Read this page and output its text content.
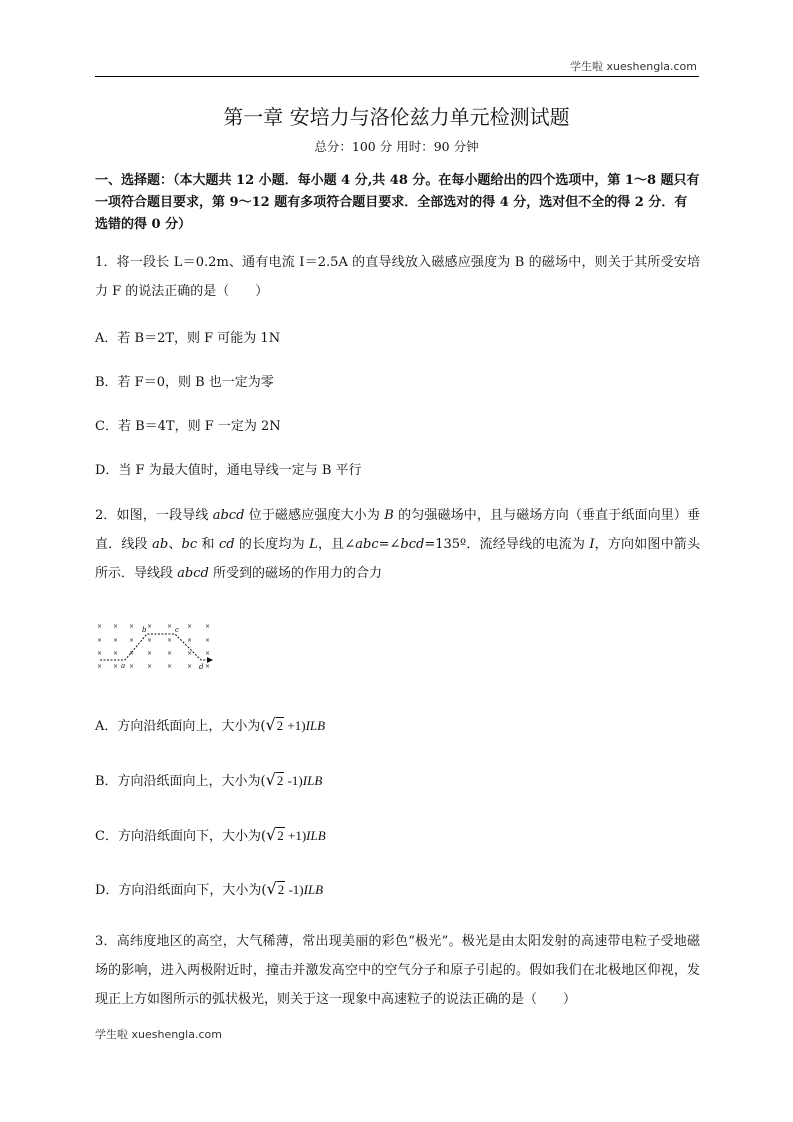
学生啦 xueshengla.com
第一章 安培力与洛伦兹力单元检测试题
总分：100 分 用时：90 分钟
一、选择题：（本大题共 12 小题．每小题 4 分,共 48 分。在每小题给出的四个选项中，第 1～8 题只有一项符合题目要求，第 9～12 题有多项符合题目要求．全部选对的得 4 分，选对但不全的得 2 分．有选错的得 0 分）
1．将一段长 L＝0.2m、通有电流 I＝2.5A 的直导线放入磁感应强度为 B 的磁场中，则关于其所受安培力 F 的说法正确的是（　　）
A．若 B＝2T，则 F 可能为 1N
B．若 F＝0，则 B 也一定为零
C．若 B＝4T，则 F 一定为 2N
D．当 F 为最大值时，通电导线一定与 B 平行
2．如图，一段导线 abcd 位于磁感应强度大小为 B 的匀强磁场中，且与磁场方向（垂直于纸面向里）垂直．线段 ab、bc 和 cd 的长度均为 L，且∠abc=∠bcd=135º．流经导线的电流为 I，方向如图中箭头所示．导线段 abcd 所受到的磁场的作用力的合力
× × × × × × ×
× × × × × × ×
× × × × × × ×
× × × × × × ×
a
b	c
d
A．方向沿纸面向上，大小为(√2 +1)ILB
B．方向沿纸面向上，大小为(√2 -1)ILB
C．方向沿纸面向下，大小为(√2 +1)ILB
D．方向沿纸面向下，大小为(√2 -1)ILB
3．高纬度地区的高空，大气稀薄，常出现美丽的彩色“极光”。极光是由太阳发射的高速带电粒子受地磁场的影响，进入两极附近时，撞击并激发高空中的空气分子和原子引起的。假如我们在北极地区仰视，发现正上方如图所示的弧状极光，则关于这一现象中高速粒子的说法正确的是（　　）
学生啦 xueshengla.com
